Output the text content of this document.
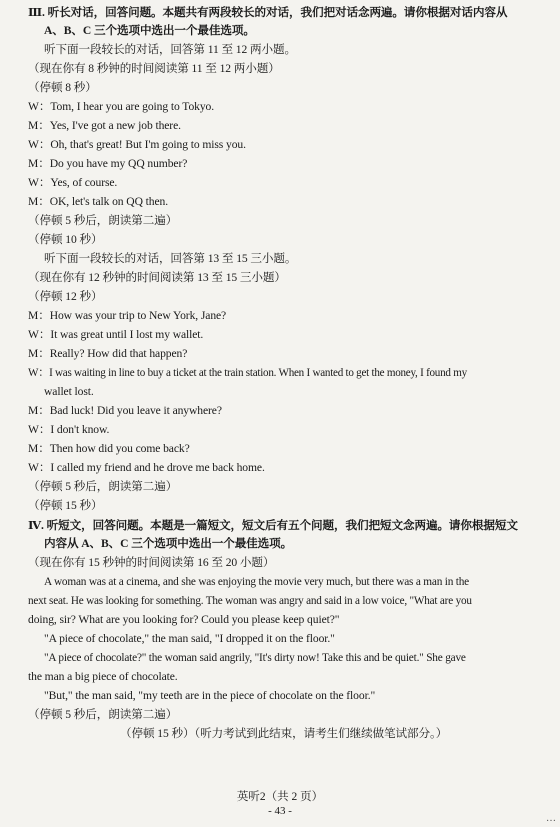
Ⅲ. 听长对话，回答问题。本题共有两段较长的对话，我们把对话念两遍。请你根据对话内容从
A、B、C 三个选项中选出一个最佳选项。
听下面一段较长的对话，回答第 11 至 12 两小题。
（现在你有 8 秒钟的时间阅读第 11 至 12 两小题）
（停顿 8 秒）
W：Tom, I hear you are going to Tokyo.
M：Yes, I've got a new job there.
W：Oh, that's great! But I'm going to miss you.
M：Do you have my QQ number?
W：Yes, of course.
M：OK, let's talk on QQ then.
（停顿 5 秒后，朗读第二遍）
（停顿 10 秒）
听下面一段较长的对话，回答第 13 至 15 三小题。
（现在你有 12 秒钟的时间阅读第 13 至 15 三小题）
（停顿 12 秒）
M：How was your trip to New York, Jane?
W：It was great until I lost my wallet.
M：Really? How did that happen?
W：I was waiting in line to buy a ticket at the train station. When I wanted to get the money, I found my
wallet lost.
M：Bad luck! Did you leave it anywhere?
W：I don't know.
M：Then how did you come back?
W：I called my friend and he drove me back home.
（停顿 5 秒后，朗读第二遍）
（停顿 15 秒）
Ⅳ. 听短文，回答问题。本题是一篇短文，短文后有五个问题，我们把短文念两遍。请你根据短文
内容从 A、B、C 三个选项中选出一个最佳选项。
（现在你有 15 秒钟的时间阅读第 16 至 20 小题）
A woman was at a cinema, and she was enjoying the movie very much, but there was a man in the
next seat. He was looking for something. The woman was angry and said in a low voice, "What are you
doing, sir? What are you looking for? Could you please keep quiet?"
"A piece of chocolate," the man said, "I dropped it on the floor."
"A piece of chocolate?" the woman said angrily, "It's dirty now! Take this and be quiet." She gave
the man a big piece of chocolate.
"But," the man said, "my teeth are in the piece of chocolate on the floor."
（停顿 5 秒后，朗读第二遍）
（停顿 15 秒）（听力考试到此结束，请考生们继续做笔试部分。）
英听2（共 2 页）
- 43 -
…
